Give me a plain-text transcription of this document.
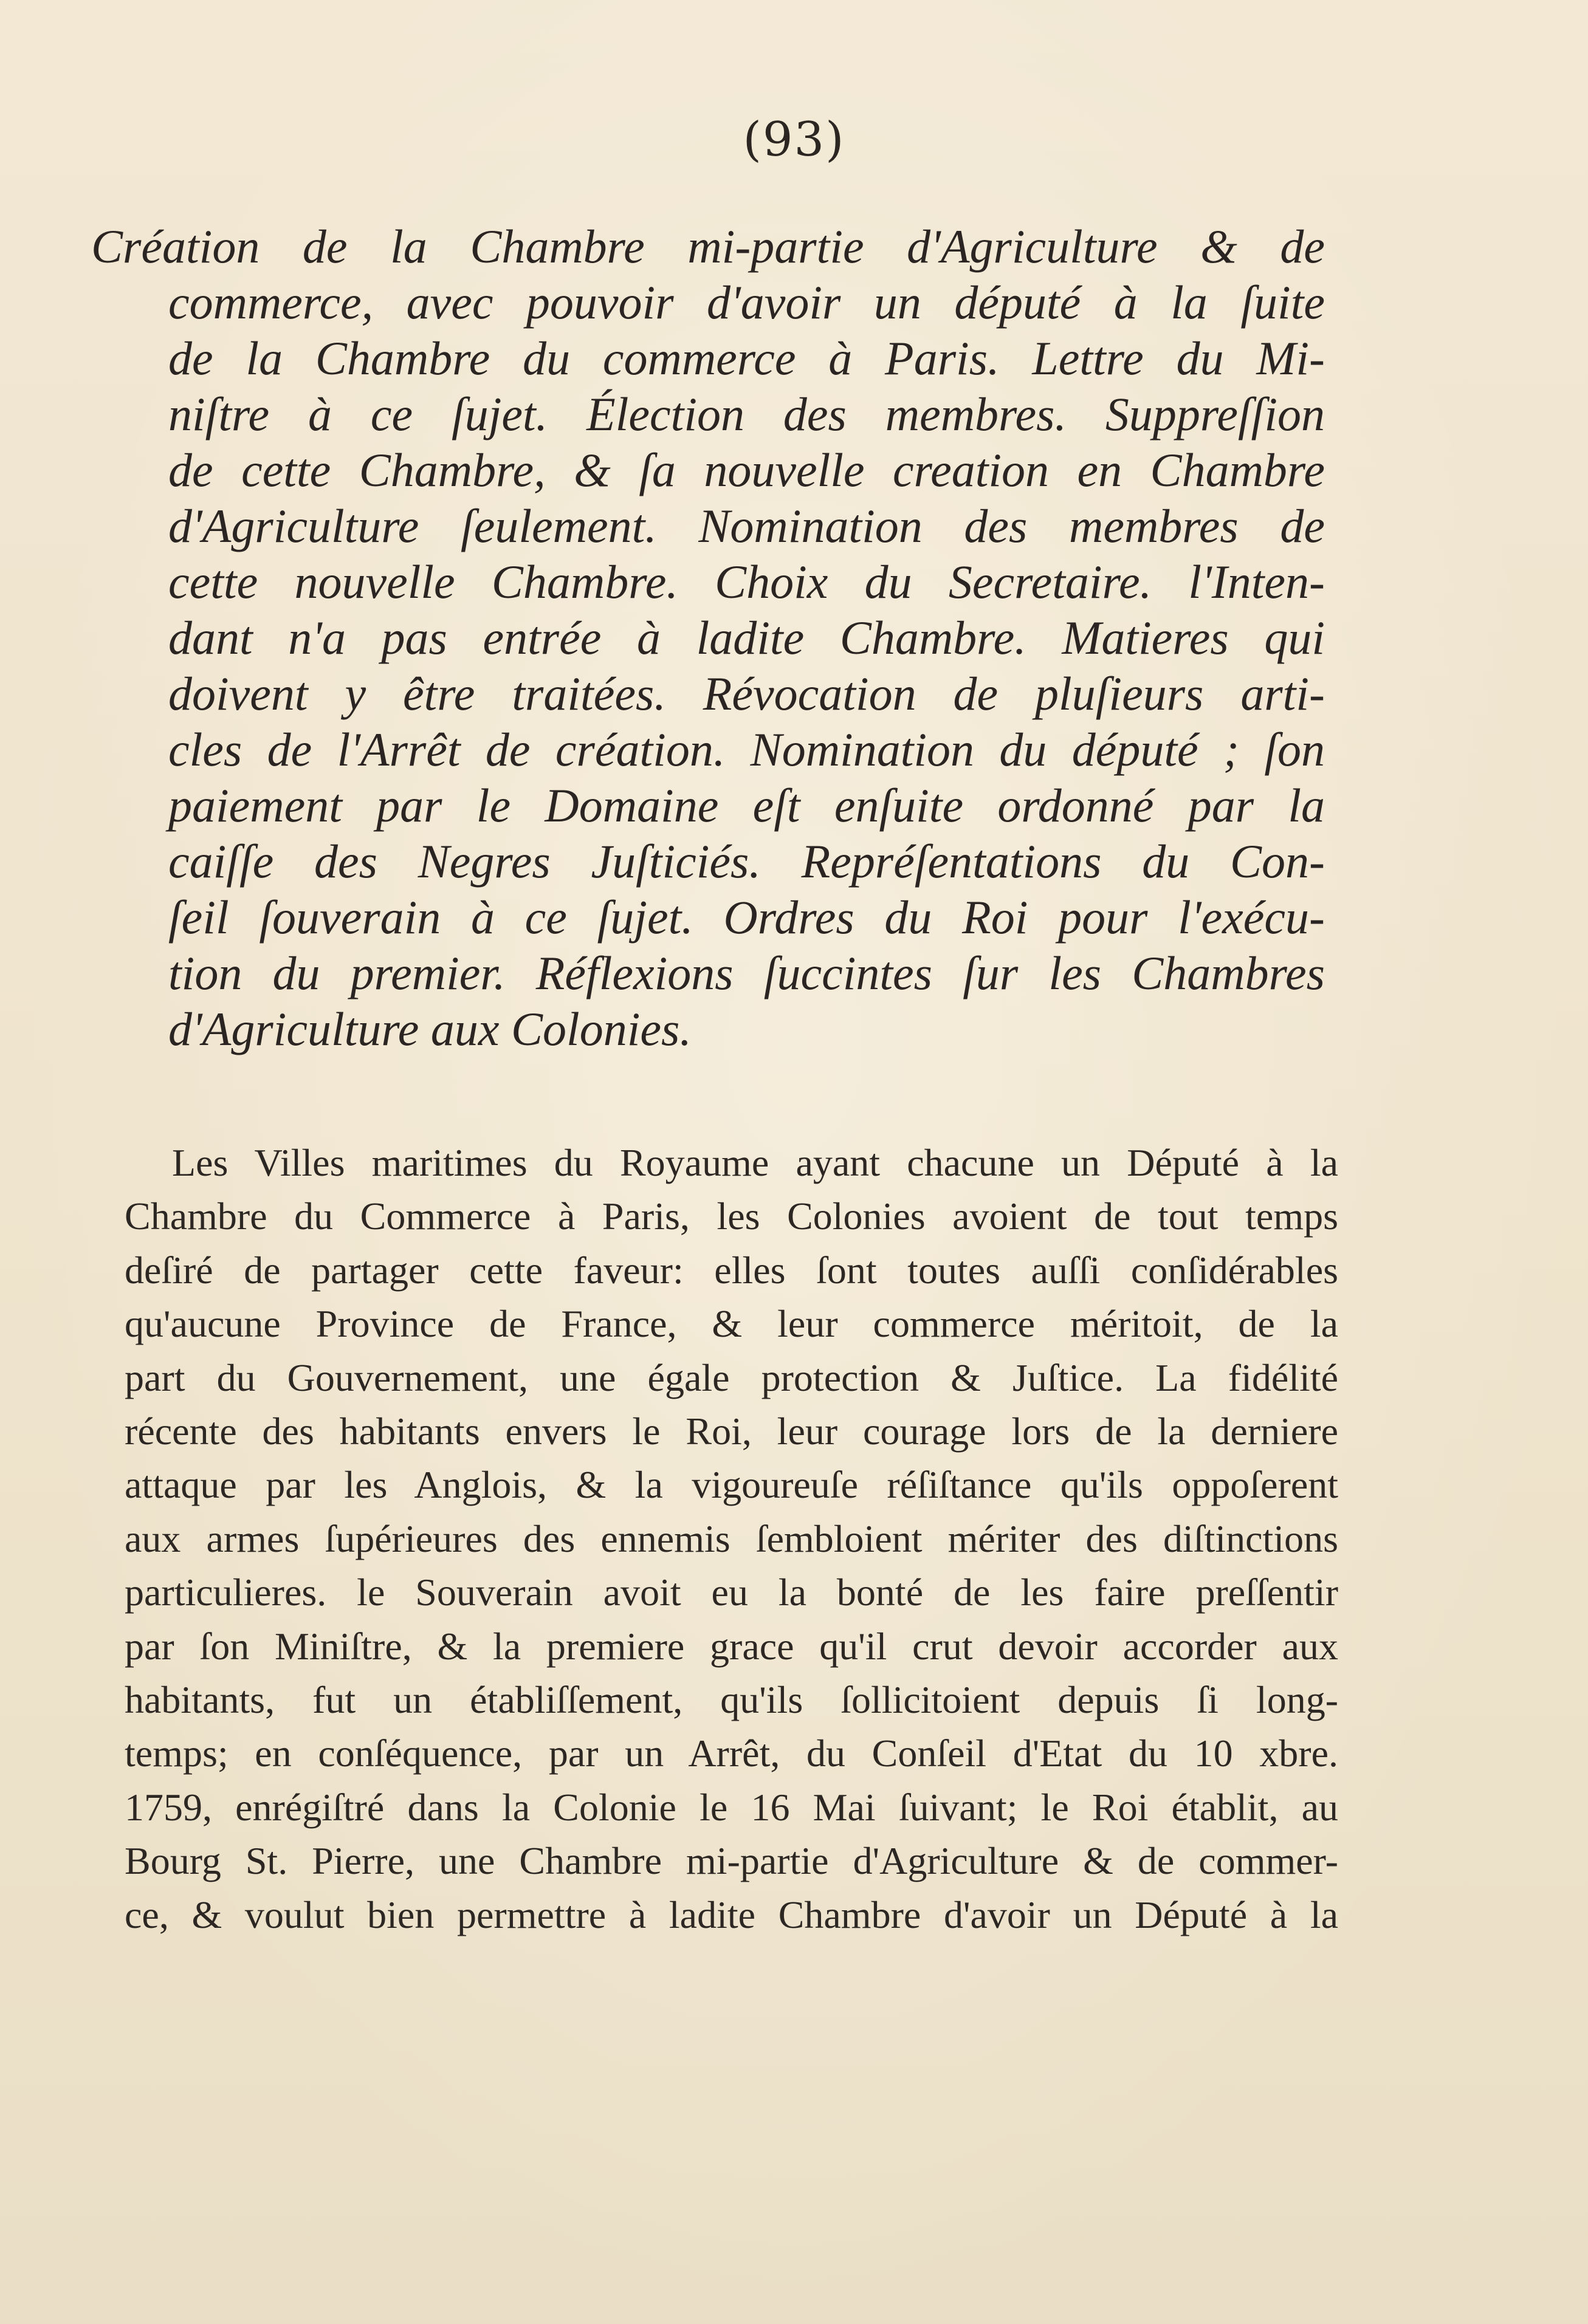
(93)
Création de la Chambre mi-partie d'Agriculture & de
commerce, avec pouvoir d'avoir un député à la ſuite
de la Chambre du commerce à Paris. Lettre du Mi-
niſtre à ce ſujet. Élection des membres. Suppreſſion
de cette Chambre, & ſa nouvelle creation en Chambre
d'Agriculture ſeulement. Nomination des membres de
cette nouvelle Chambre. Choix du Secretaire. l'Inten-
dant n'a pas entrée à ladite Chambre. Matieres qui
doivent y être traitées. Révocation de pluſieurs arti-
cles de l'Arrêt de création. Nomination du député ; ſon
paiement par le Domaine eſt enſuite ordonné par la
caiſſe des Negres Juſticiés. Repréſentations du Con-
ſeil ſouverain à ce ſujet. Ordres du Roi pour l'exécu-
tion du premier. Réflexions ſuccintes ſur les Chambres
d'Agriculture aux Colonies.
Les Villes maritimes du Royaume ayant chacune un Député à la
Chambre du Commerce à Paris, les Colonies avoient de tout temps
deſiré de partager cette faveur: elles ſont toutes auſſi conſidérables
qu'aucune Province de France, & leur commerce méritoit, de la
part du Gouvernement, une égale protection & Juſtice. La fidélité
récente des habitants envers le Roi, leur courage lors de la derniere
attaque par les Anglois, & la vigoureuſe réſiſtance qu'ils oppoſerent
aux armes ſupérieures des ennemis ſembloient mériter des diſtinctions
particulieres. le Souverain avoit eu la bonté de les faire preſſentir
par ſon Miniſtre, & la premiere grace qu'il crut devoir accorder aux
habitants, fut un établiſſement, qu'ils ſollicitoient depuis ſi long-
temps; en conſéquence, par un Arrêt, du Conſeil d'Etat du 10 xbre.
1759, enrégiſtré dans la Colonie le 16 Mai ſuivant; le Roi établit, au
Bourg St. Pierre, une Chambre mi-partie d'Agriculture & de commer-
ce, & voulut bien permettre à ladite Chambre d'avoir un Député à la
